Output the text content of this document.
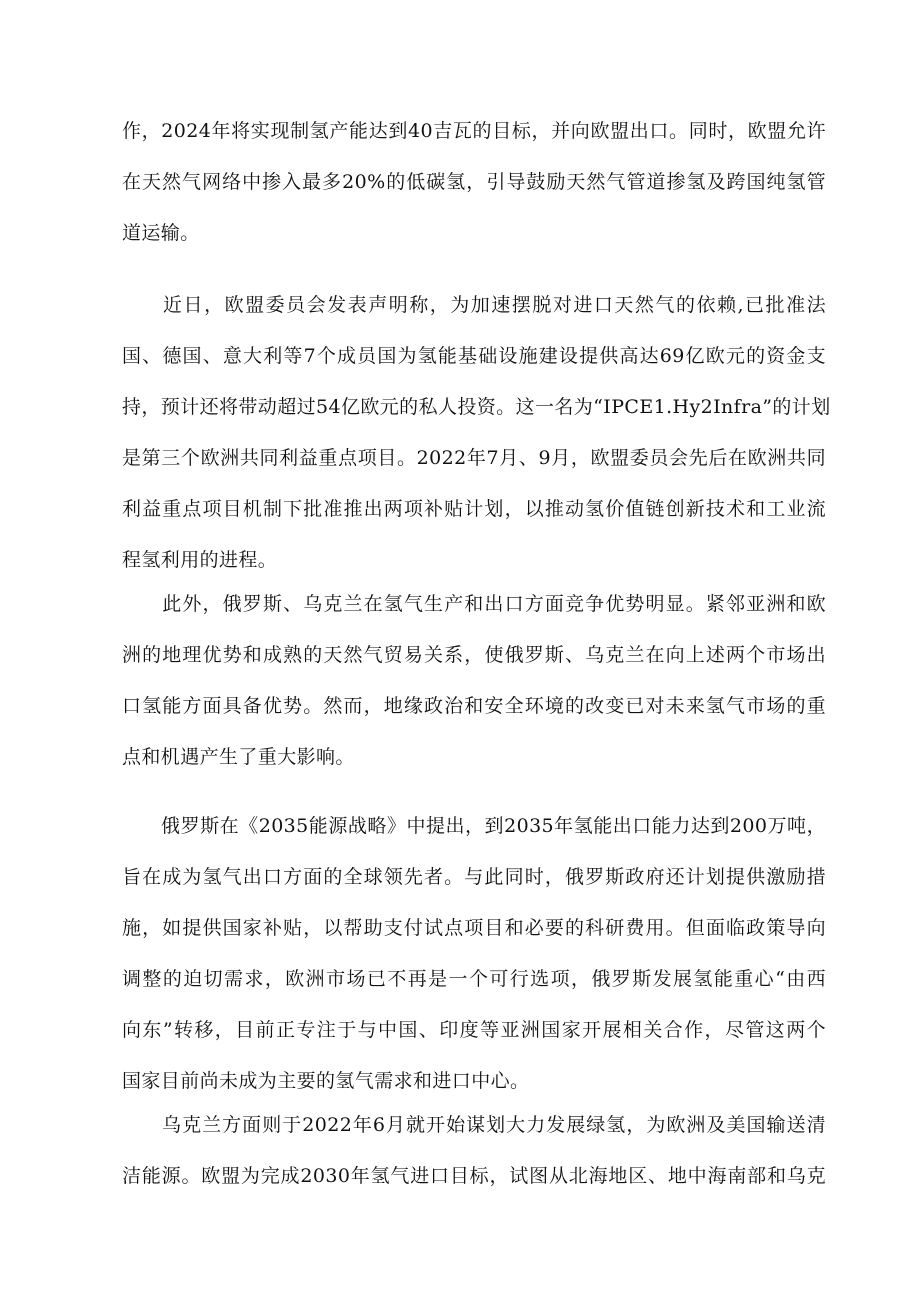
作，2024年将实现制氢产能达到40吉瓦的目标，并向欧盟出口。同时，欧盟允许
在天然气网络中掺入最多20%的低碳氢，引导鼓励天然气管道掺氢及跨国纯氢管
道运输。

　　近日，欧盟委员会发表声明称，为加速摆脱对进口天然气的依赖,已批准法
国、德国、意大利等7个成员国为氢能基础设施建设提供高达69亿欧元的资金支
持，预计还将带动超过54亿欧元的私人投资。这一名为“IPCE1.Hy2Infra”的计划
是第三个欧洲共同利益重点项目。2022年7月、9月，欧盟委员会先后在欧洲共同
利益重点项目机制下批准推出两项补贴计划，以推动氢价值链创新技术和工业流
程氢利用的进程。

　　此外，俄罗斯、乌克兰在氢气生产和出口方面竞争优势明显。紧邻亚洲和欧
洲的地理优势和成熟的天然气贸易关系，使俄罗斯、乌克兰在向上述两个市场出
口氢能方面具备优势。然而，地缘政治和安全环境的改变已对未来氢气市场的重
点和机遇产生了重大影响。

　　俄罗斯在《2035能源战略》中提出，到2035年氢能出口能力达到200万吨，
旨在成为氢气出口方面的全球领先者。与此同时，俄罗斯政府还计划提供激励措
施，如提供国家补贴，以帮助支付试点项目和必要的科研费用。但面临政策导向
调整的迫切需求，欧洲市场已不再是一个可行选项，俄罗斯发展氢能重心“由西
向东”转移，目前正专注于与中国、印度等亚洲国家开展相关合作，尽管这两个
国家目前尚未成为主要的氢气需求和进口中心。

　　乌克兰方面则于2022年6月就开始谋划大力发展绿氢，为欧洲及美国输送清
洁能源。欧盟为完成2030年氢气进口目标，试图从北海地区、地中海南部和乌克
